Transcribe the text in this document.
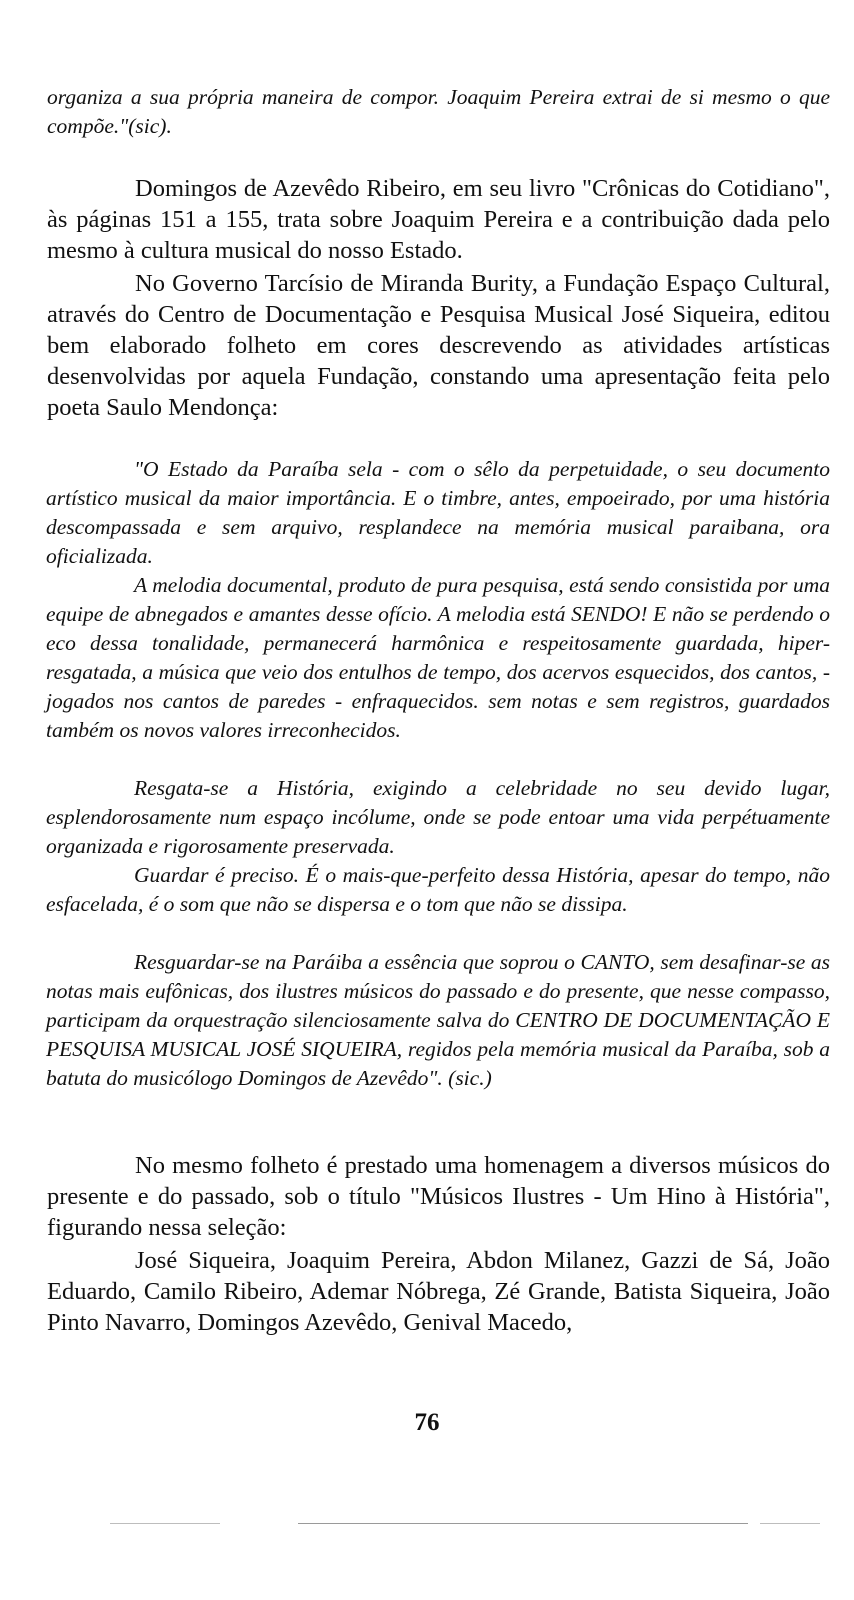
organiza a sua própria maneira de compor. Joaquim Pereira extrai de si mesmo o que compõe."(sic).

Domingos de Azevêdo Ribeiro, em seu livro "Crônicas do Cotidiano", às páginas 151 a 155, trata sobre Joaquim Pereira e a contribuição dada pelo mesmo à cultura musical do nosso Estado.

No Governo Tarcísio de Miranda Burity, a Fundação Espaço Cultural, através do Centro de Documentação e Pesquisa Musical José Siqueira, editou bem elaborado folheto em cores descrevendo as atividades artísticas desenvolvidas por aquela Fundação, constando uma apresentação feita pelo poeta Saulo Mendonça:

"O Estado da Paraíba sela - com o sêlo da perpetuidade, o seu documento artístico musical da maior importância. E o timbre, antes, empoeirado, por uma história descompassada e sem arquivo, resplandece na memória musical paraibana, ora oficializada.

A melodia documental, produto de pura pesquisa, está sendo consistida por uma equipe de abnegados e amantes desse ofício. A melodia está SENDO! E não se perdendo o eco dessa tonalidade, permanecerá harmônica e respeitosamente guardada, hiper-resgatada, a música que veio dos entulhos de tempo, dos acervos esquecidos, dos cantos, - jogados nos cantos de paredes - enfraquecidos. sem notas e sem registros, guardados também os novos valores irreconhecidos.

Resgata-se a História, exigindo a celebridade no seu devido lugar, esplendorosamente num espaço incólume, onde se pode entoar uma vida perpétuamente organizada e rigorosamente preservada.

Guardar é preciso. É o mais-que-perfeito dessa História, apesar do tempo, não esfacelada, é o som que não se dispersa e o tom que não se dissipa.

Resguardar-se na Paráiba a essência que soprou o CANTO, sem desafinar-se as notas mais eufônicas, dos ilustres músicos do passado e do presente, que nesse compasso, participam da orquestração silenciosamente salva do CENTRO DE DOCUMENTAÇÃO E PESQUISA MUSICAL JOSÉ SIQUEIRA, regidos pela memória musical da Paraíba, sob a batuta do musicólogo Domingos de Azevêdo". (sic.)

No mesmo folheto é prestado uma homenagem a diversos músicos do presente e do passado, sob o título "Músicos Ilustres - Um Hino à História", figurando nessa seleção:

José Siqueira, Joaquim Pereira, Abdon Milanez, Gazzi de Sá, João Eduardo, Camilo Ribeiro, Ademar Nóbrega, Zé Grande, Batista Siqueira, João Pinto Navarro, Domingos Azevêdo, Genival Macedo,

76
